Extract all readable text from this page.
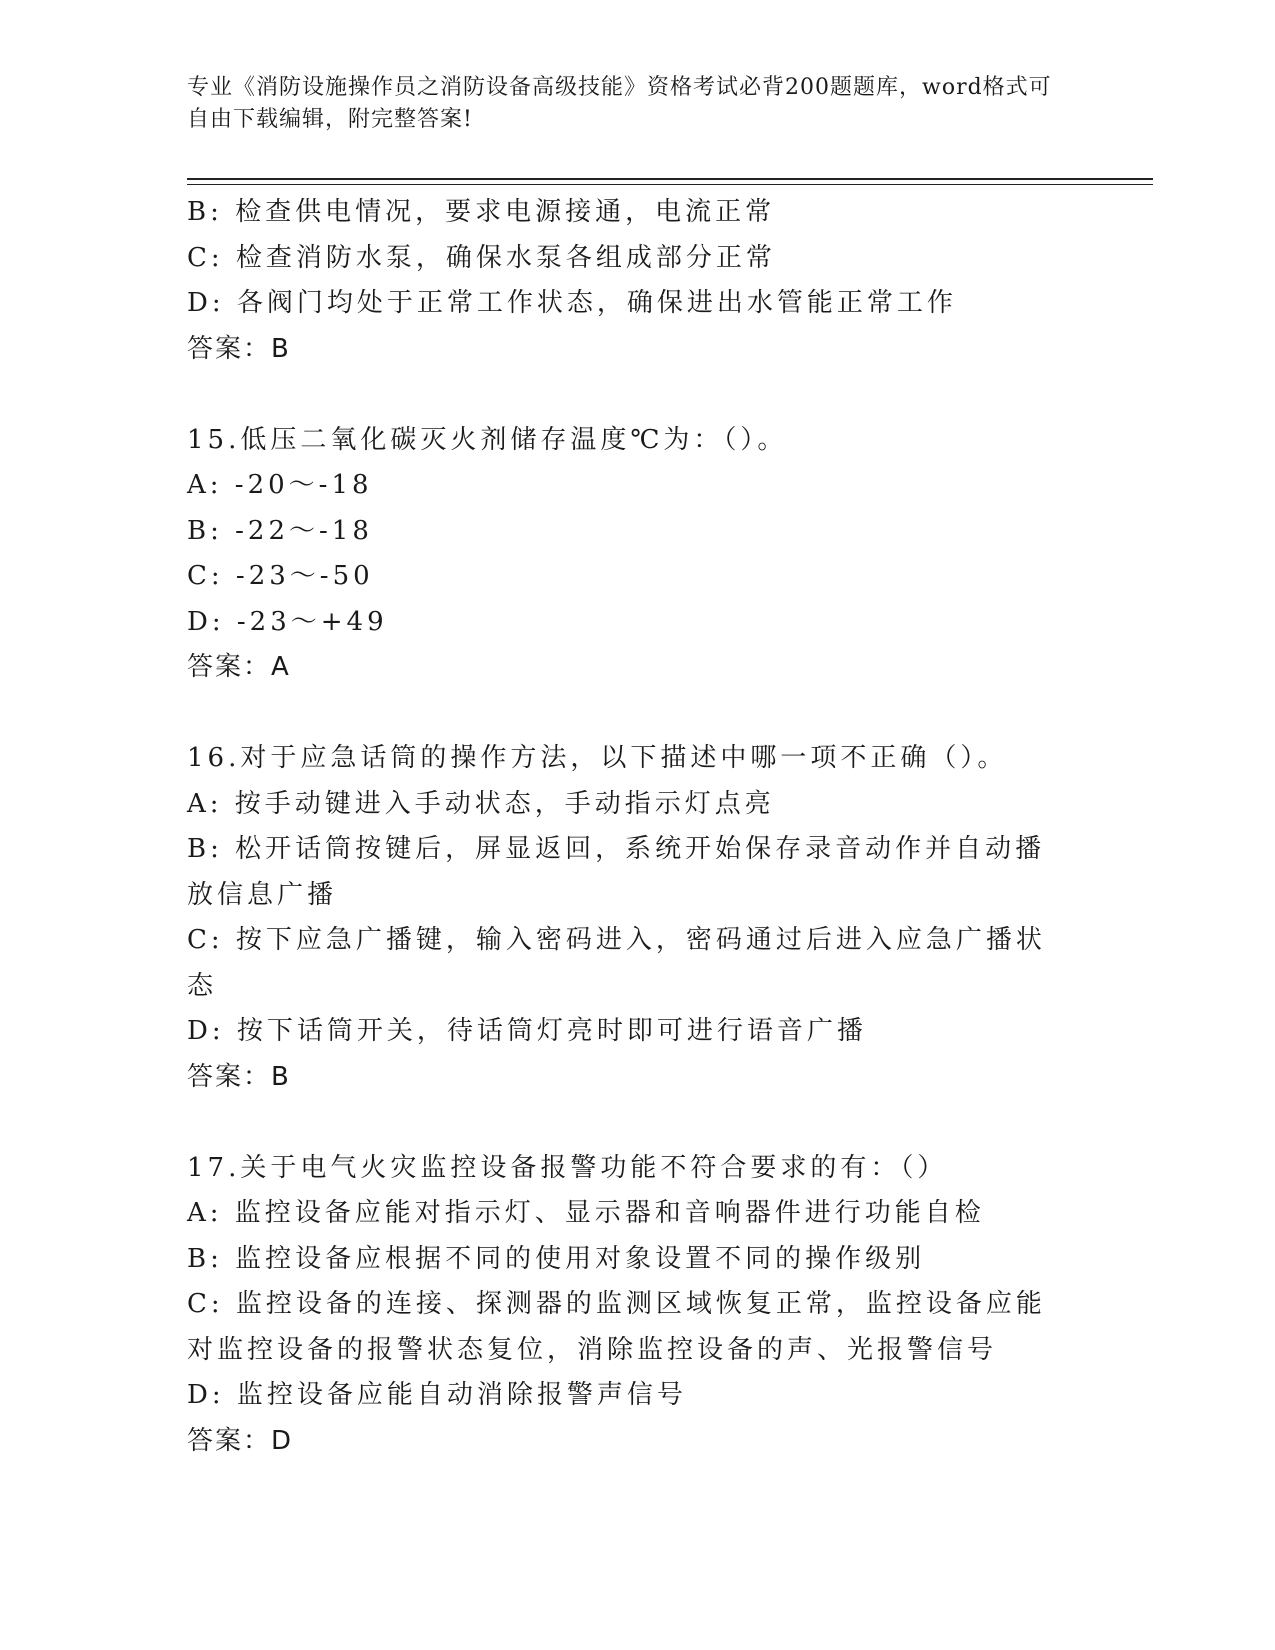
专业《消防设施操作员之消防设备高级技能》资格考试必背200题题库，word格式可自由下载编辑，附完整答案!
B: 检查供电情况，要求电源接通，电流正常
C: 检查消防水泵，确保水泵各组成部分正常
D: 各阀门均处于正常工作状态，确保进出水管能正常工作
答案：B
15.低压二氧化碳灭火剂储存温度℃为：（）。
A: -20～-18
B: -22～-18
C: -23～-50
D: -23～+49
答案：A
16.对于应急话筒的操作方法，以下描述中哪一项不正确（）。
A: 按手动键进入手动状态，手动指示灯点亮
B: 松开话筒按键后，屏显返回，系统开始保存录音动作并自动播放信息广播
C: 按下应急广播键，输入密码进入，密码通过后进入应急广播状态
D: 按下话筒开关，待话筒灯亮时即可进行语音广播
答案：B
17.关于电气火灾监控设备报警功能不符合要求的有：（）
A: 监控设备应能对指示灯、显示器和音响器件进行功能自检
B: 监控设备应根据不同的使用对象设置不同的操作级别
C: 监控设备的连接、探测器的监测区域恢复正常，监控设备应能对监控设备的报警状态复位，消除监控设备的声、光报警信号
D: 监控设备应能自动消除报警声信号
答案：D
